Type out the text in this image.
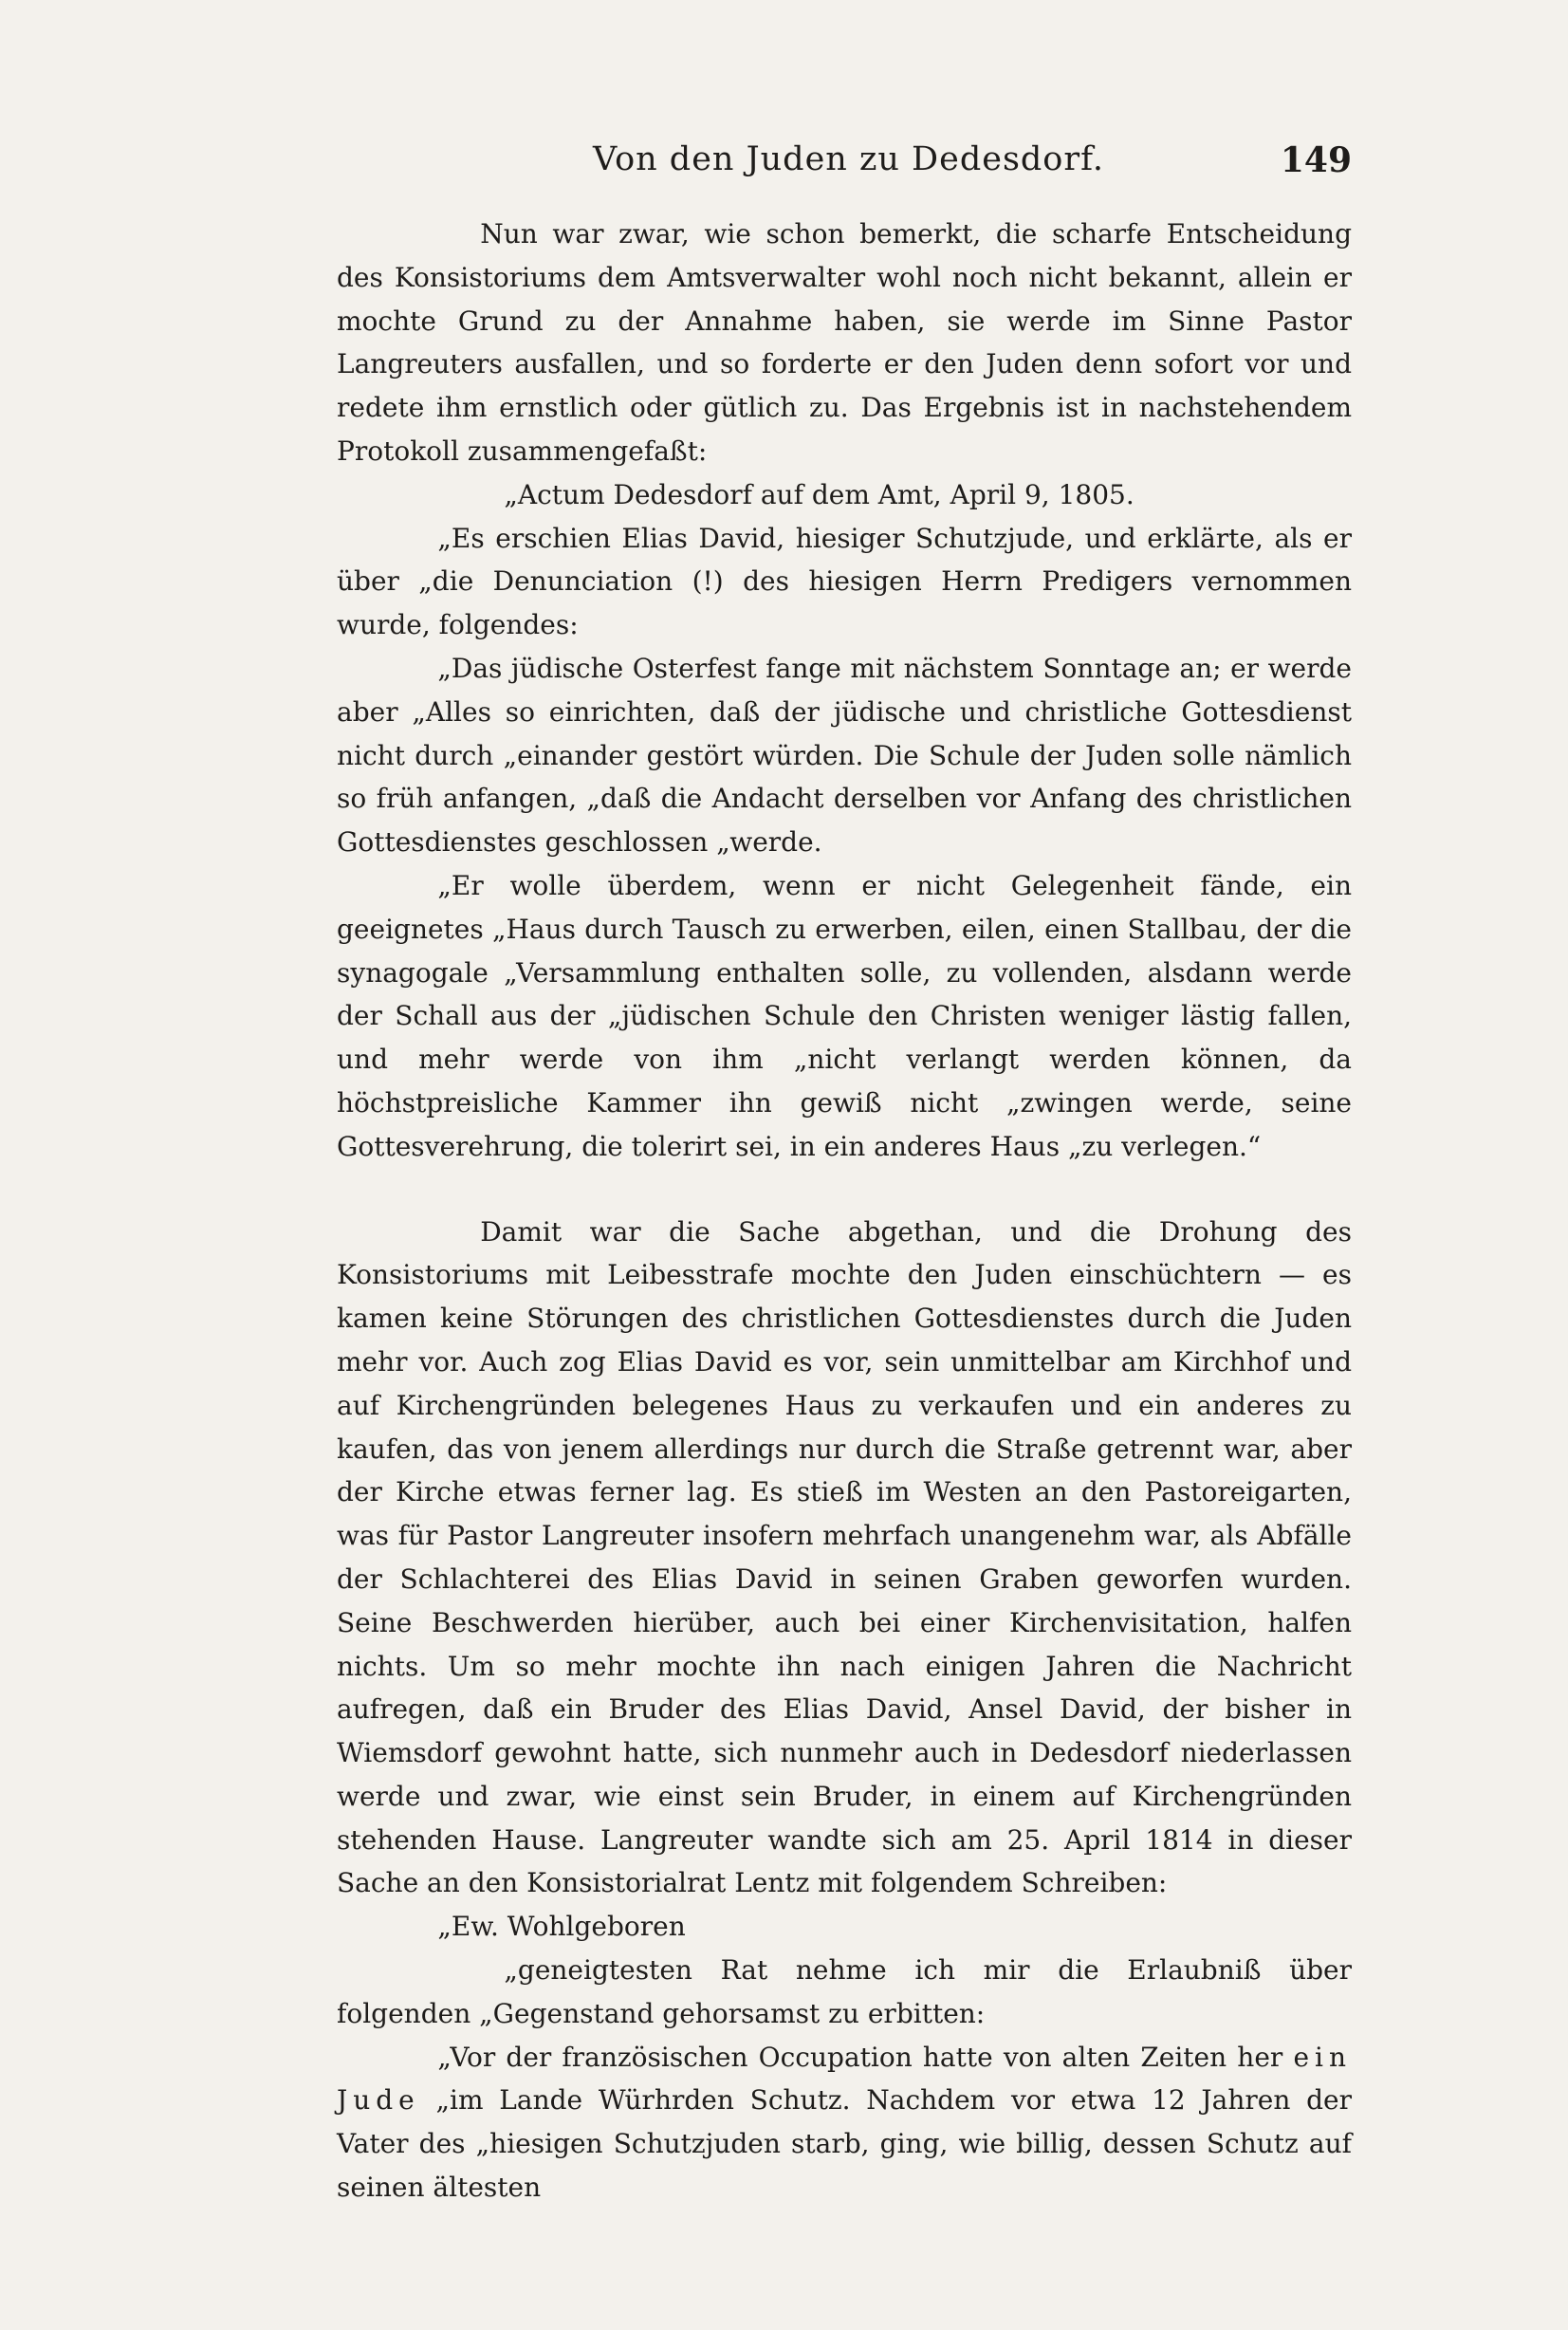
Von den Juden zu Dedesdorf.	149

Nun war zwar, wie schon bemerkt, die scharfe Entscheidung des Konsistoriums dem Amtsverwalter wohl noch nicht bekannt, allein er mochte Grund zu der Annahme haben, sie werde im Sinne Pastor Langreuters ausfallen, und so forderte er den Juden denn sofort vor und redete ihm ernstlich oder gütlich zu. Das Ergebnis ist in nachstehendem Protokoll zusammengefaßt:

„Actum Dedesdorf auf dem Amt, April 9, 1805.

„Es erschien Elias David, hiesiger Schutzjude, und erklärte, als er über „die Denunciation (!) des hiesigen Herrn Predigers vernommen wurde, folgendes:

„Das jüdische Osterfest fange mit nächstem Sonntage an; er werde aber „Alles so einrichten, daß der jüdische und christliche Gottesdienst nicht durch „einander gestört würden. Die Schule der Juden solle nämlich so früh anfangen, „daß die Andacht derselben vor Anfang des christlichen Gottesdienstes geschlossen „werde.

„Er wolle überdem, wenn er nicht Gelegenheit fände, ein geeignetes „Haus durch Tausch zu erwerben, eilen, einen Stallbau, der die synagogale „Versammlung enthalten solle, zu vollenden, alsdann werde der Schall aus der „jüdischen Schule den Christen weniger lästig fallen, und mehr werde von ihm „nicht verlangt werden können, da höchstpreisliche Kammer ihn gewiß nicht „zwingen werde, seine Gottesverehrung, die tolerirt sei, in ein anderes Haus „zu verlegen.“

Damit war die Sache abgethan, und die Drohung des Konsistoriums mit Leibesstrafe mochte den Juden einschüchtern — es kamen keine Störungen des christlichen Gottesdienstes durch die Juden mehr vor. Auch zog Elias David es vor, sein unmittelbar am Kirchhof und auf Kirchengründen belegenes Haus zu verkaufen und ein anderes zu kaufen, das von jenem allerdings nur durch die Straße getrennt war, aber der Kirche etwas ferner lag. Es stieß im Westen an den Pastoreigarten, was für Pastor Langreuter insofern mehrfach unangenehm war, als Abfälle der Schlachterei des Elias David in seinen Graben geworfen wurden. Seine Beschwerden hierüber, auch bei einer Kirchenvisitation, halfen nichts. Um so mehr mochte ihn nach einigen Jahren die Nachricht aufregen, daß ein Bruder des Elias David, Ansel David, der bisher in Wiemsdorf gewohnt hatte, sich nunmehr auch in Dedesdorf niederlassen werde und zwar, wie einst sein Bruder, in einem auf Kirchengründen stehenden Hause. Langreuter wandte sich am 25. April 1814 in dieser Sache an den Konsistorialrat Lentz mit folgendem Schreiben:

„Ew. Wohlgeboren

„geneigtesten Rat nehme ich mir die Erlaubniß über folgenden „Gegenstand gehorsamst zu erbitten:

„Vor der französischen Occupation hatte von alten Zeiten her ein Jude „im Lande Würhrden Schutz. Nachdem vor etwa 12 Jahren der Vater des „hiesigen Schutzjuden starb, ging, wie billig, dessen Schutz auf seinen ältesten
